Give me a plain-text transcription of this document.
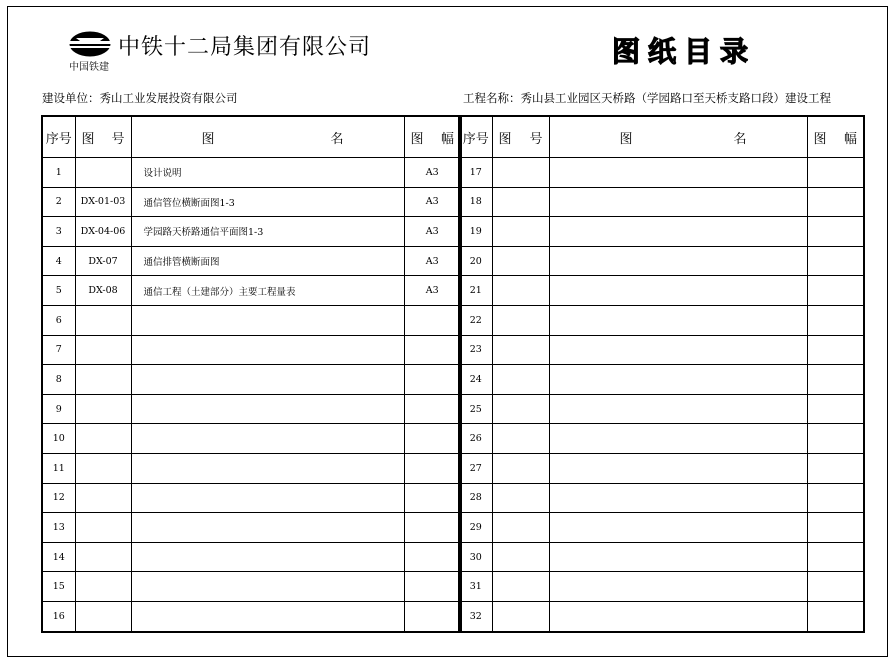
中铁十二局集团有限公司
中国铁建	图纸目录
建设单位：秀山工业发展投资有限公司	工程名称：秀山县工业园区天桥路（学园路口至天桥支路口段）建设工程
序号	图 号	图 名	图 幅

1		设计说明	A3
2	DX-01-03	通信管位横断面图1-3	A3
3	DX-04-06	学园路天桥路通信平面图1-3	A3
4	DX-07	通信排管横断面图	A3
5	DX-08	通信工程（土建部分）主要工程量表	A3
6			
7			
8			
9			
10			
11			
12			
13			
14			
15			
16			
序号	图 号	图 名	图 幅

17			
18			
19			
20			
21			
22			
23			
24			
25			
26			
27			
28			
29			
30			
31			
32			
